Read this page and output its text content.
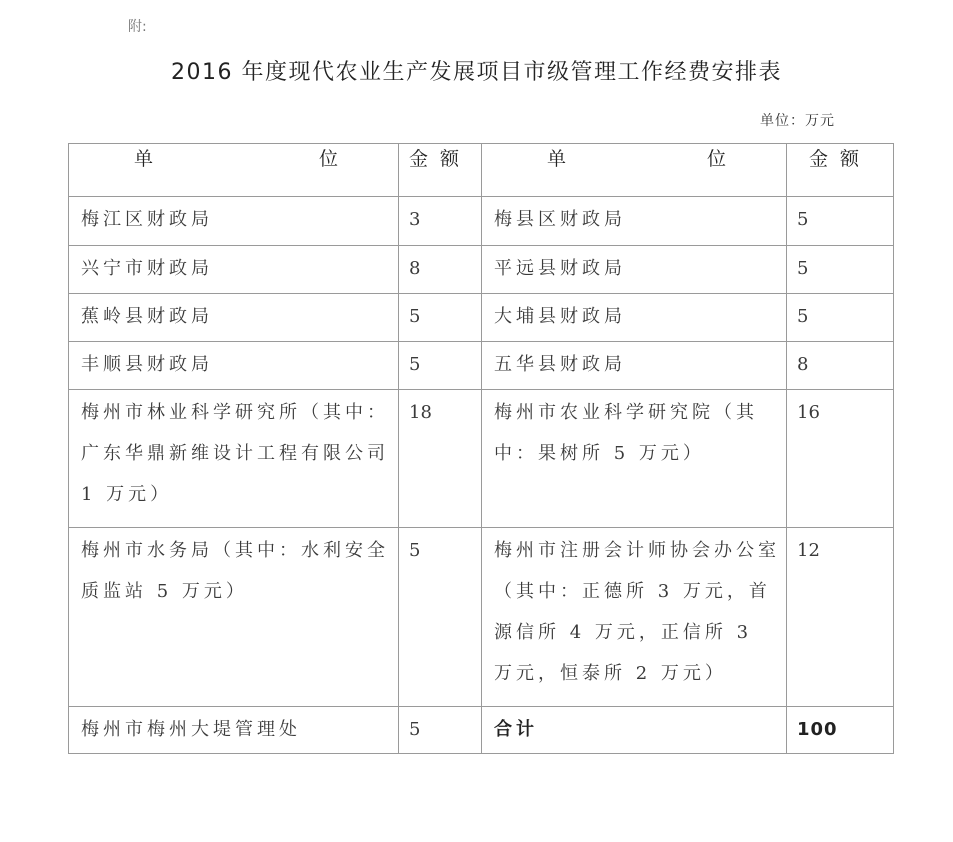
附:
2016 年度现代农业生产发展项目市级管理工作经费安排表
单位：万元
单 位	金额	单 位	金额

梅江区财政局	3	梅县区财政局	5

兴宁市财政局	8	平远县财政局	5

蕉岭县财政局	5	大埔县财政局	5

丰顺县财政局	5	五华县财政局	8

梅州市林业科学研究所（其中：广东华鼎新维设计工程有限公司 1 万元）	18	梅州市农业科学研究院（其中：果树所 5 万元）	16

梅州市水务局（其中：水利安全质监站 5 万元）	5	梅州市注册会计师协会办公室（其中：正德所 3 万元，首源信所 4 万元，正信所 3 万元，恒泰所 2 万元）	12

梅州市梅州大堤管理处	5	合计	100
